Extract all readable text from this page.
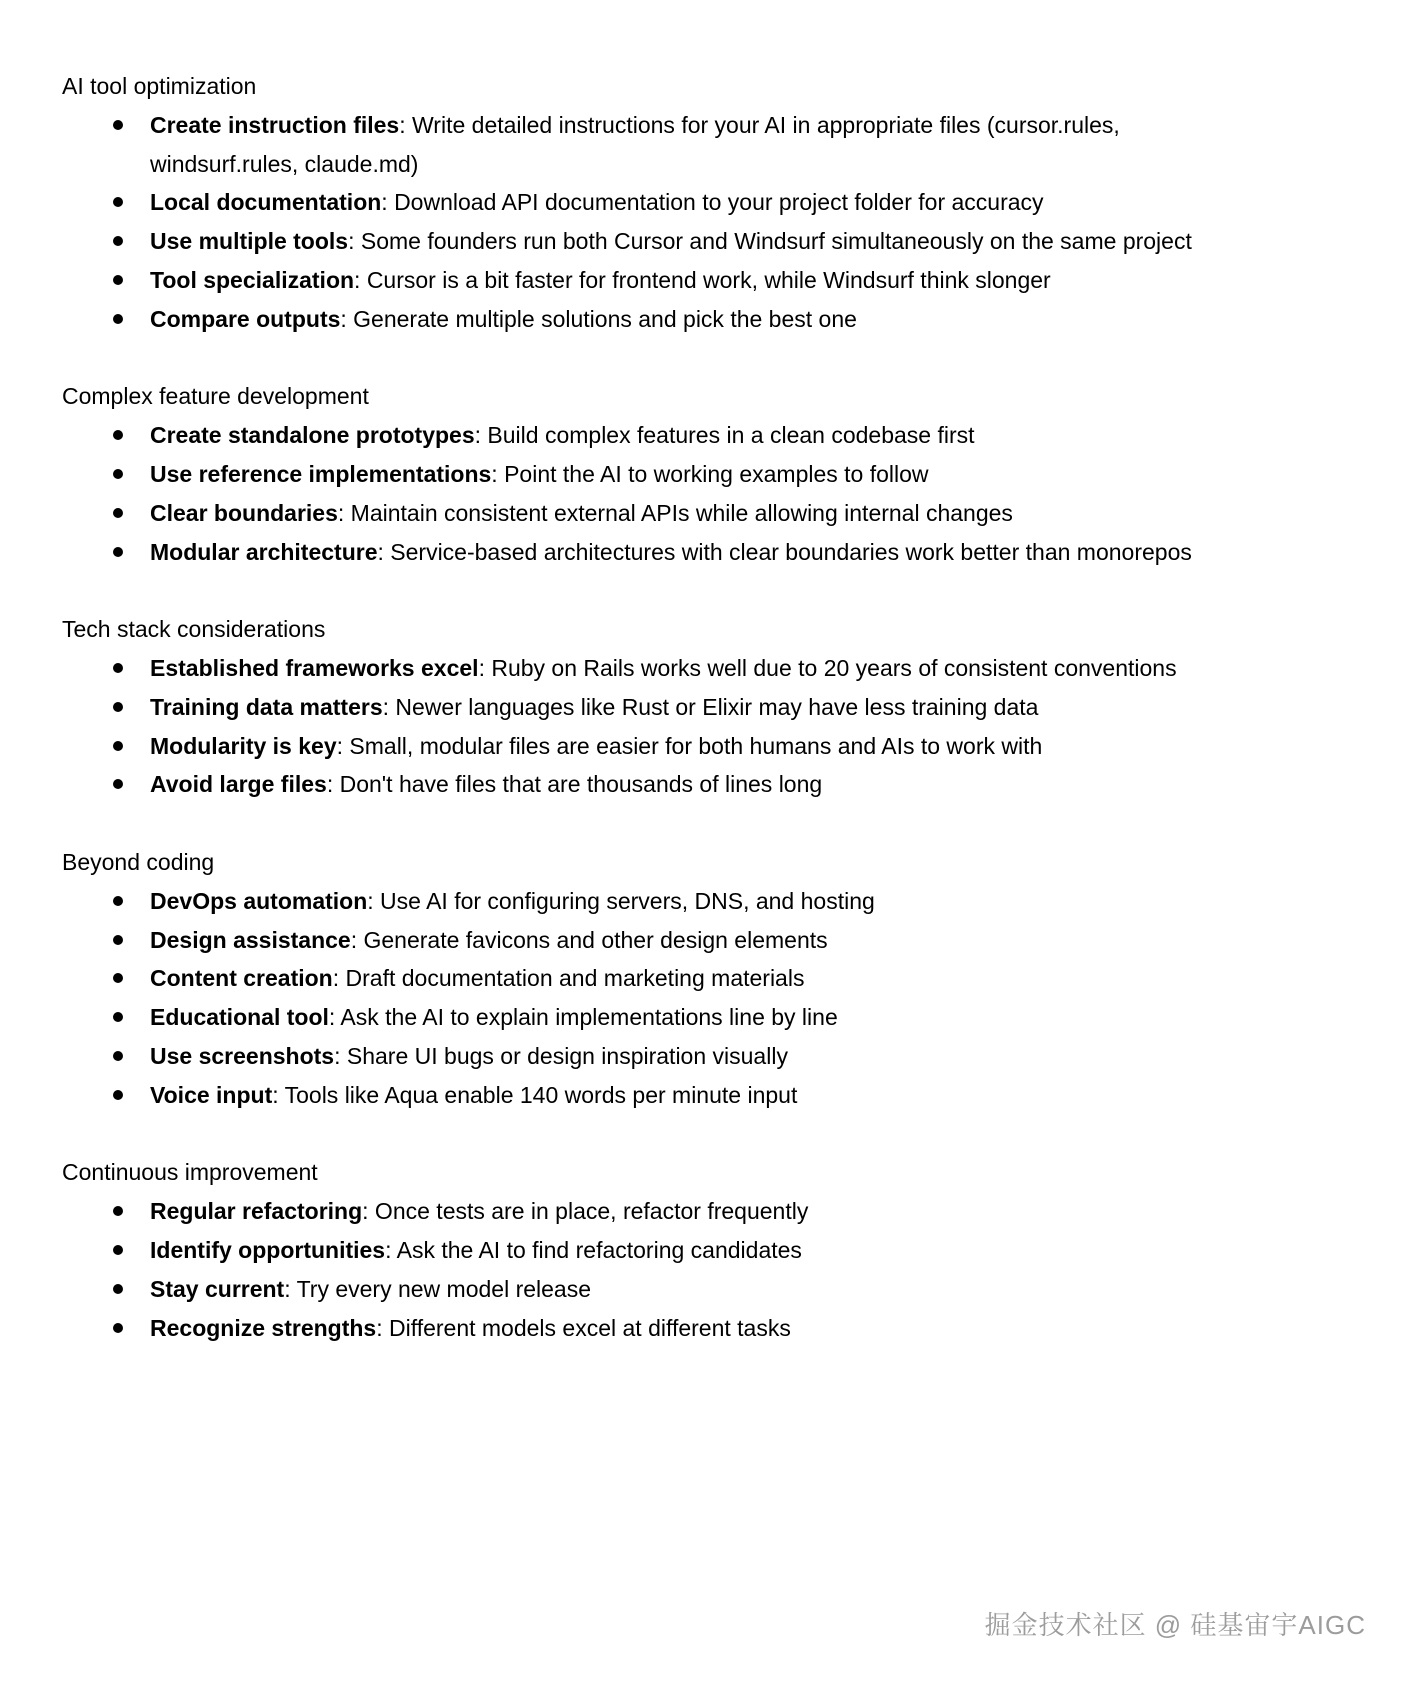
AI tool optimization
Create instruction files: Write detailed instructions for your AI in appropriate files (cursor.rules, windsurf.rules, claude.md)
Local documentation: Download API documentation to your project folder for accuracy
Use multiple tools: Some founders run both Cursor and Windsurf simultaneously on the same project
Tool specialization: Cursor is a bit faster for frontend work, while Windsurf think slonger
Compare outputs: Generate multiple solutions and pick the best one
Complex feature development
Create standalone prototypes: Build complex features in a clean codebase first
Use reference implementations: Point the AI to working examples to follow
Clear boundaries: Maintain consistent external APIs while allowing internal changes
Modular architecture: Service-based architectures with clear boundaries work better than monorepos
Tech stack considerations
Established frameworks excel: Ruby on Rails works well due to 20 years of consistent conventions
Training data matters: Newer languages like Rust or Elixir may have less training data
Modularity is key: Small, modular files are easier for both humans and AIs to work with
Avoid large files: Don't have files that are thousands of lines long
Beyond coding
DevOps automation: Use AI for configuring servers, DNS, and hosting
Design assistance: Generate favicons and other design elements
Content creation: Draft documentation and marketing materials
Educational tool: Ask the AI to explain implementations line by line
Use screenshots: Share UI bugs or design inspiration visually
Voice input: Tools like Aqua enable 140 words per minute input
Continuous improvement
Regular refactoring: Once tests are in place, refactor frequently
Identify opportunities: Ask the AI to find refactoring candidates
Stay current: Try every new model release
Recognize strengths: Different models excel at different tasks
掘金技术社区 @ 硅基宙宇AIGC
